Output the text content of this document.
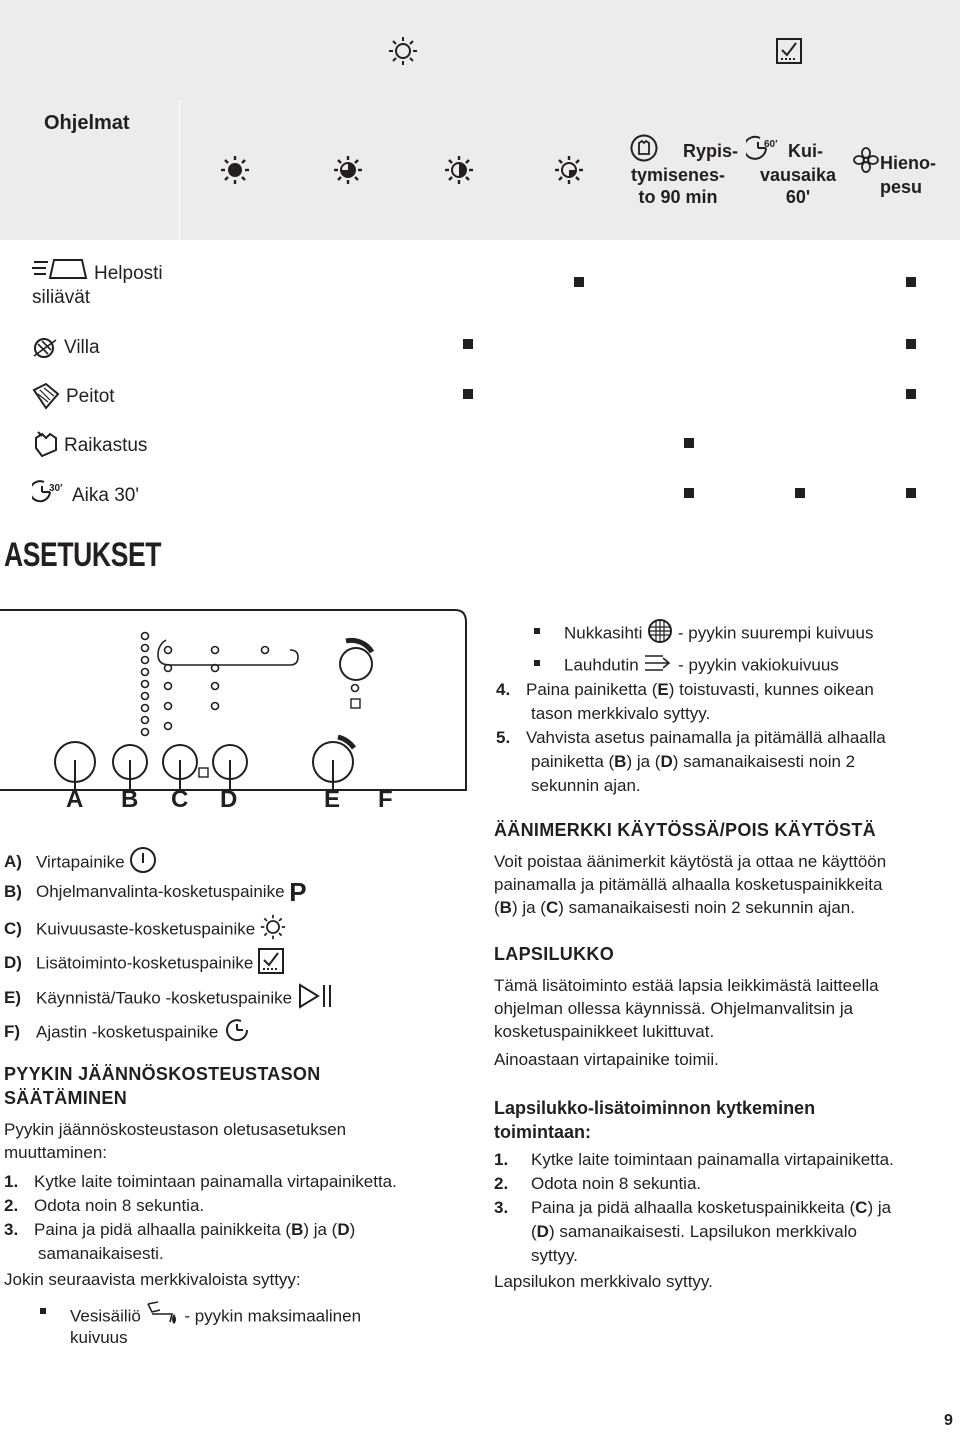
Ohjelmat
Rypis-
tymisenes-
to 90 min
60′ Kui-
vausaika
60'
Hieno-
pesu
Helposti
siliävät
Villa
Peitot
Raikastus
30′ Aika 30'
ASETUKSET
A B C D	E F
A) Virtapainike
B) Ohjelmanvalinta-kosketuspainike P
C) Kuivuusaste-kosketuspainike
D) Lisätoiminto-kosketuspainike
E) Käynnistä/Tauko -kosketuspainike
F) Ajastin -kosketuspainike
PYYKIN JÄÄNNÖSKOSTEUSTASON
SÄÄTÄMINEN
Pyykin jäännöskosteustason oletusasetuksen
muuttaminen:
1. Kytke laite toimintaan painamalla virtapainiketta.
2. Odota noin 8 sekuntia.
3. Paina ja pidä alhaalla painikkeita (B) ja (D)
samanaikaisesti.
Jokin seuraavista merkkivaloista syttyy:
Vesisäiliö	- pyykin maksimaalinen
kuivuus
Nukkasihti - pyykin suurempi kuivuus
Lauhdutin - pyykin vakiokuivuus
4. Paina painiketta (E) toistuvasti, kunnes oikean
tason merkkivalo syttyy.
5. Vahvista asetus painamalla ja pitämällä alhaalla
painiketta (B) ja (D) samanaikaisesti noin 2
sekunnin ajan.
ÄÄNIMERKKI KÄYTÖSSÄ/POIS KÄYTÖSTÄ
Voit poistaa äänimerkit käytöstä ja ottaa ne käyttöön
painamalla ja pitämällä alhaalla kosketuspainikkeita
(B) ja (C) samanaikaisesti noin 2 sekunnin ajan.
LAPSILUKKO
Tämä lisätoiminto estää lapsia leikkimästä laitteella
ohjelman ollessa käynnissä. Ohjelmanvalitsin ja
kosketuspainikkeet lukittuvat.
Ainoastaan virtapainike toimii.
Lapsilukko-lisätoiminnon kytkeminen
toimintaan:
1. Kytke laite toimintaan painamalla virtapainiketta.
2. Odota noin 8 sekuntia.
3. Paina ja pidä alhaalla kosketuspainikkeita (C) ja
(D) samanaikaisesti. Lapsilukon merkkivalo
syttyy.
Lapsilukon merkkivalo syttyy.
9
